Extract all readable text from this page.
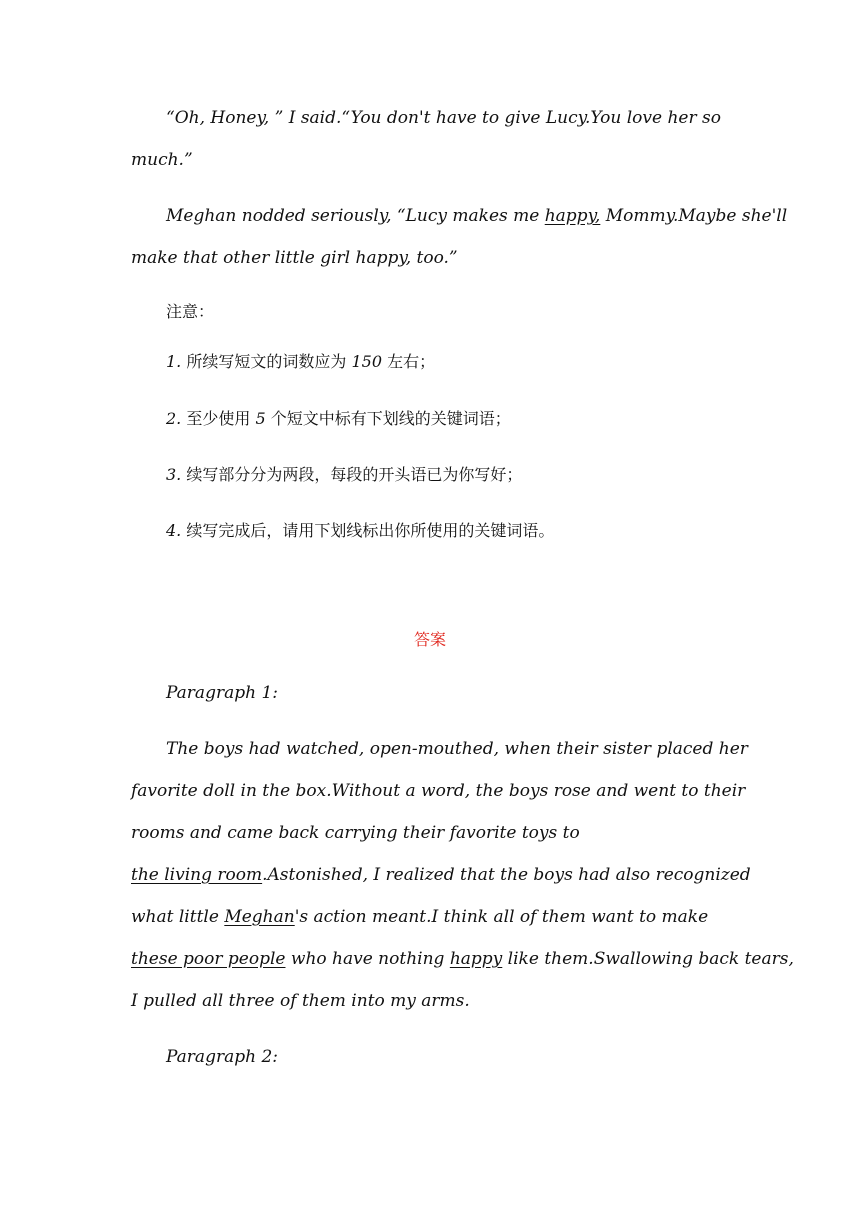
“Oh, Honey, ” I said.“You don't have to give Lucy.You love her so
much.”
Meghan nodded seriously, “Lucy makes me happy, Mommy.Maybe she'll
make that other little girl happy, too.”
注意：
1. 所续写短文的词数应为 150 左右；
2. 至少使用 5 个短文中标有下划线的关键词语；
3. 续写部分分为两段，每段的开头语已为你写好；
4. 续写完成后，请用下划线标出你所使用的关键词语。
答案
Paragraph 1:
The boys had watched, open-mouthed, when their sister placed her
favorite doll in the box.Without a word, the boys rose and went to their
rooms and came back carrying their favorite toys to
the living room.Astonished, I realized that the boys had also recognized
what little Meghan's action meant.I think all of them want to make
these poor people who have nothing happy like them.Swallowing back tears,
I pulled all three of them into my arms.
Paragraph 2:
